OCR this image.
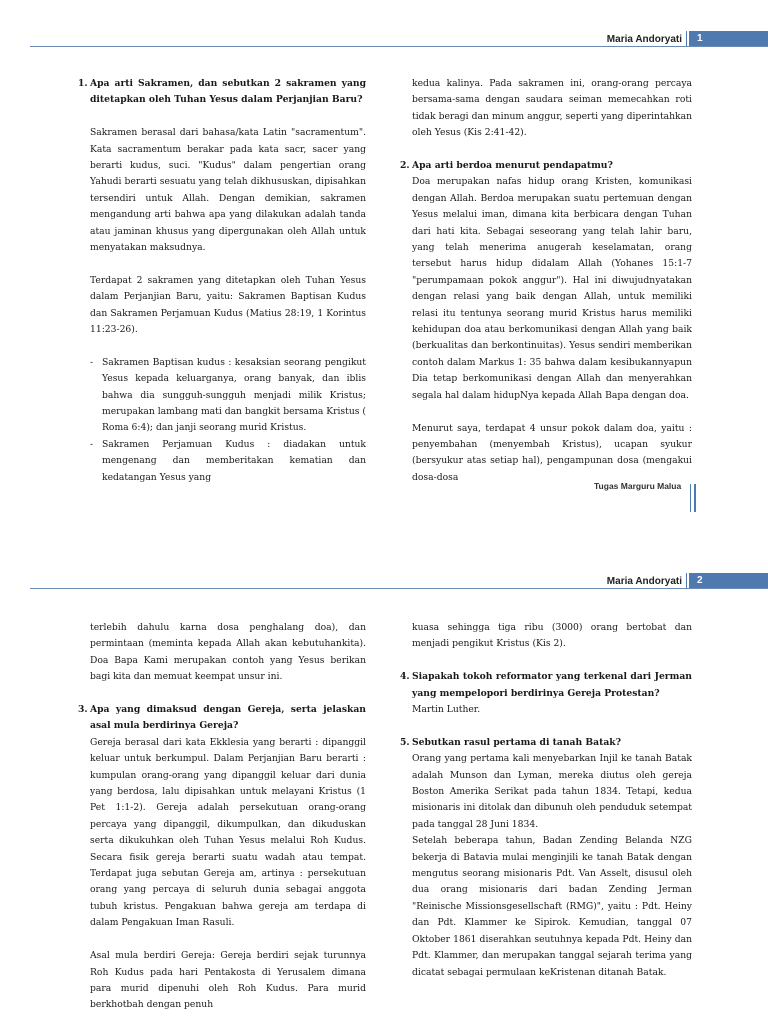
Maria Andoryati	1
1. Apa arti Sakramen, dan sebutkan 2 sakramen yang ditetapkan oleh Tuhan Yesus dalam Perjanjian Baru?

Sakramen berasal dari bahasa/kata Latin "sacramentum". Kata sacramentum berakar pada kata sacr, sacer yang berarti kudus, suci. "Kudus" dalam pengertian orang Yahudi berarti sesuatu yang telah dikhususkan, dipisahkan tersendiri untuk Allah. Dengan demikian, sakramen mengandung arti bahwa apa yang dilakukan adalah tanda atau jaminan khusus yang dipergunakan oleh Allah untuk menyatakan maksudnya.

Terdapat 2 sakramen yang ditetapkan oleh Tuhan Yesus dalam Perjanjian Baru, yaitu: Sakramen Baptisan Kudus dan Sakramen Perjamuan Kudus (Matius 28:19, 1 Korintus 11:23-26).

- Sakramen Baptisan kudus : kesaksian seorang pengikut Yesus kepada keluarganya, orang banyak, dan iblis bahwa dia sungguh-sungguh menjadi milik Kristus; merupakan lambang mati dan bangkit bersama Kristus ( Roma 6:4); dan janji seorang murid Kristus.
- Sakramen Perjamuan Kudus : diadakan untuk mengenang dan memberitakan kematian dan kedatangan Yesus yang

kedua kalinya. Pada sakramen ini, orang-orang percaya bersama-sama dengan saudara seiman memecahkan roti tidak beragi dan minum anggur, seperti yang diperintahkan oleh Yesus (Kis 2:41-42).

2. Apa arti berdoa menurut pendapatmu?

Doa merupakan nafas hidup orang Kristen, komunikasi dengan Allah. Berdoa merupakan suatu pertemuan dengan Yesus melalui iman, dimana kita berbicara dengan Tuhan dari hati kita. Sebagai seseorang yang telah lahir baru, yang telah menerima anugerah keselamatan, orang tersebut harus hidup didalam Allah (Yohanes 15:1-7 "perumpamaan pokok anggur"). Hal ini diwujudnyatakan dengan relasi yang baik dengan Allah, untuk memiliki relasi itu tentunya seorang murid Kristus harus memiliki kehidupan doa atau berkomunikasi dengan Allah yang baik (berkualitas dan berkontinuitas). Yesus sendiri memberikan contoh dalam Markus 1: 35 bahwa dalam kesibukannyapun Dia tetap berkomunikasi dengan Allah dan menyerahkan segala hal dalam hidupNya kepada Allah Bapa dengan doa.

Menurut saya, terdapat 4 unsur pokok dalam doa, yaitu : penyembahan (menyembah Kristus), ucapan syukur (bersyukur atas setiap hal), pengampunan dosa (mengakui dosa-dosa

Tugas Marguru Malua
Maria Andoryati	2

terlebih dahulu karna dosa penghalang doa), dan permintaan (meminta kepada Allah akan kebutuhankita). Doa Bapa Kami merupakan contoh yang Yesus berikan bagi kita dan memuat keempat unsur ini.

3. Apa yang dimaksud dengan Gereja, serta jelaskan asal mula berdirinya Gereja?

Gereja berasal dari kata Ekklesia yang berarti : dipanggil keluar untuk berkumpul. Dalam Perjanjian Baru berarti : kumpulan orang-orang yang dipanggil keluar dari dunia yang berdosa, lalu dipisahkan untuk melayani Kristus (1 Pet 1:1-2). Gereja adalah persekutuan orang-orang percaya yang dipanggil, dikumpulkan, dan dikuduskan serta dikukuhkan oleh Tuhan Yesus melalui Roh Kudus. Secara fisik gereja berarti suatu wadah atau tempat. Terdapat juga sebutan Gereja am, artinya : persekutuan orang yang percaya di seluruh dunia sebagai anggota tubuh kristus. Pengakuan bahwa gereja am terdapa di dalam Pengakuan Iman Rasuli.

Asal mula berdiri Gereja: Gereja berdiri sejak turunnya Roh Kudus pada hari Pentakosta di Yerusalem dimana para murid dipenuhi oleh Roh Kudus. Para murid berkhotbah dengan penuh

kuasa sehingga tiga ribu (3000) orang bertobat dan menjadi pengikut Kristus (Kis 2).

4. Siapakah tokoh reformator yang terkenal dari Jerman yang mempelopori berdirinya Gereja Protestan?

Martin Luther.

5. Sebutkan rasul pertama di tanah Batak?

Orang yang pertama kali menyebarkan Injil ke tanah Batak adalah Munson dan Lyman, mereka diutus oleh gereja Boston Amerika Serikat pada tahun 1834. Tetapi, kedua misionaris ini ditolak dan dibunuh oleh penduduk setempat pada tanggal 28 Juni 1834.

Setelah beberapa tahun, Badan Zending Belanda NZG bekerja di Batavia mulai menginjili ke tanah Batak dengan mengutus seorang misionaris Pdt. Van Asselt, disusul oleh dua orang misionaris dari badan Zending Jerman "Reinische Missionsgesellschaft (RMG)", yaitu : Pdt. Heiny dan Pdt. Klammer ke Sipirok. Kemudian, tanggal 07 Oktober 1861 diserahkan seutuhnya kepada Pdt. Heiny dan Pdt. Klammer, dan merupakan tanggal sejarah terima yang dicatat sebagai permulaan keKristenan ditanah Batak.
